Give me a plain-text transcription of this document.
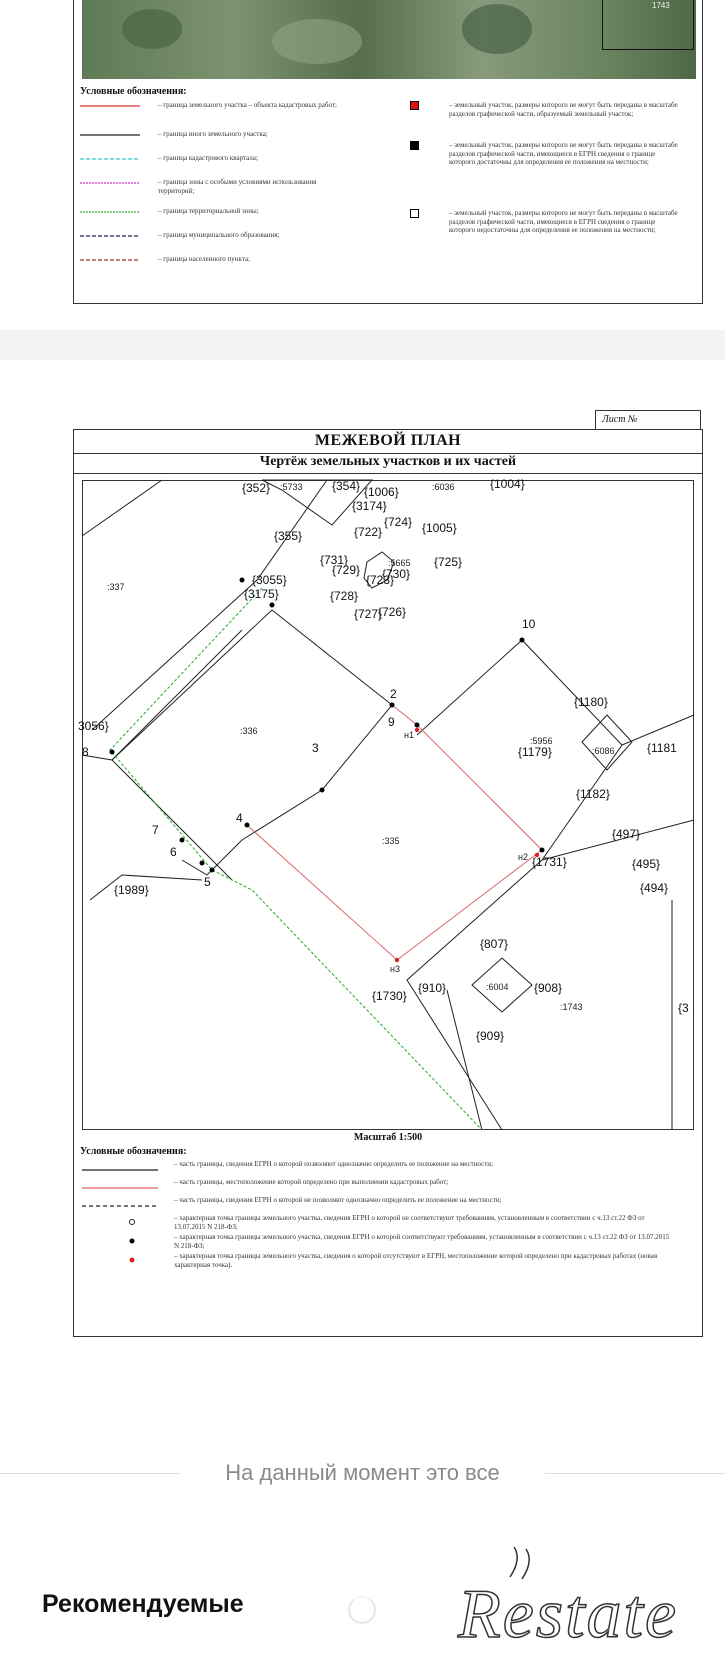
1743
Условные обозначения:
– граница земельного участка – объекта кадастровых работ;
– граница иного земельного участка;
– граница кадастрового квартала;
– граница зоны с особыми условиями использования территорий;
– граница территориальной зоны;
– граница муниципального образования;
– граница населенного пункта;
– земельный участок, размеры которого не могут быть переданы в масштабе разделов графической части, образуемый земельный участок;
– земельный участок, размеры которого не могут быть переданы в масштабе разделов графической части, имеющиеся в ЕГРН сведения о границе которого достаточны для определения ее положения на местности;
– земельный участок, размеры которого не могут быть переданы в масштабе разделов графической части, имеющиеся в ЕГРН сведения о границе которого недостаточны для определения ее положения на местности;
Лист №
МЕЖЕВОЙ ПЛАН
Чертёж земельных участков и их частей
{352} :5733 {354} {1006}	:6036	{1004}
{3174}
{724}
{722}	{1005}
{355}
{731}
{729}	:5665 {725}
{730}
{723}
{728}
{727}
{726}
{3055}
{3175}
:337
10
2
9
н1
{1180}
:5956
{1179}	:6086	{1181
{1182}
3056}
8
:336
3
7
6
4
5
{1989}
:335
н2 {1731}
{497}
{495}
{494}
н3
{807}
{910}	:6004 {908}
{1730}
:1743
{909}
{3
Масштаб 1:500
Условные обозначения:
– часть границы, сведения ЕГРН о которой позволяют однозначно определить ее положение на местности;
– часть границы, местоположение которой определено при выполнении кадастровых работ;
– часть границы, сведения ЕГРН о которой не позволяют однозначно определить ее положение на местности;
– характерная точка границы земельного участка, сведения ЕГРН о которой не соответствуют требованиям, установленным в соответствии с ч.13 ст.22 ФЗ от 13.07.2015 N 218-ФЗ;
– характерная точка границы земельного участка, сведения ЕГРН о которой соответствуют требованиям, установленным в соответствии с ч.13 ст.22 ФЗ от 13.07.2015 N 218-ФЗ;
– характерная точка границы земельного участка, сведения о которой отсутствуют в ЕГРН, местоположение которой определено при кадастровых работах (новая характерная точка).
На данный момент это все
Рекомендуемые	Restate
